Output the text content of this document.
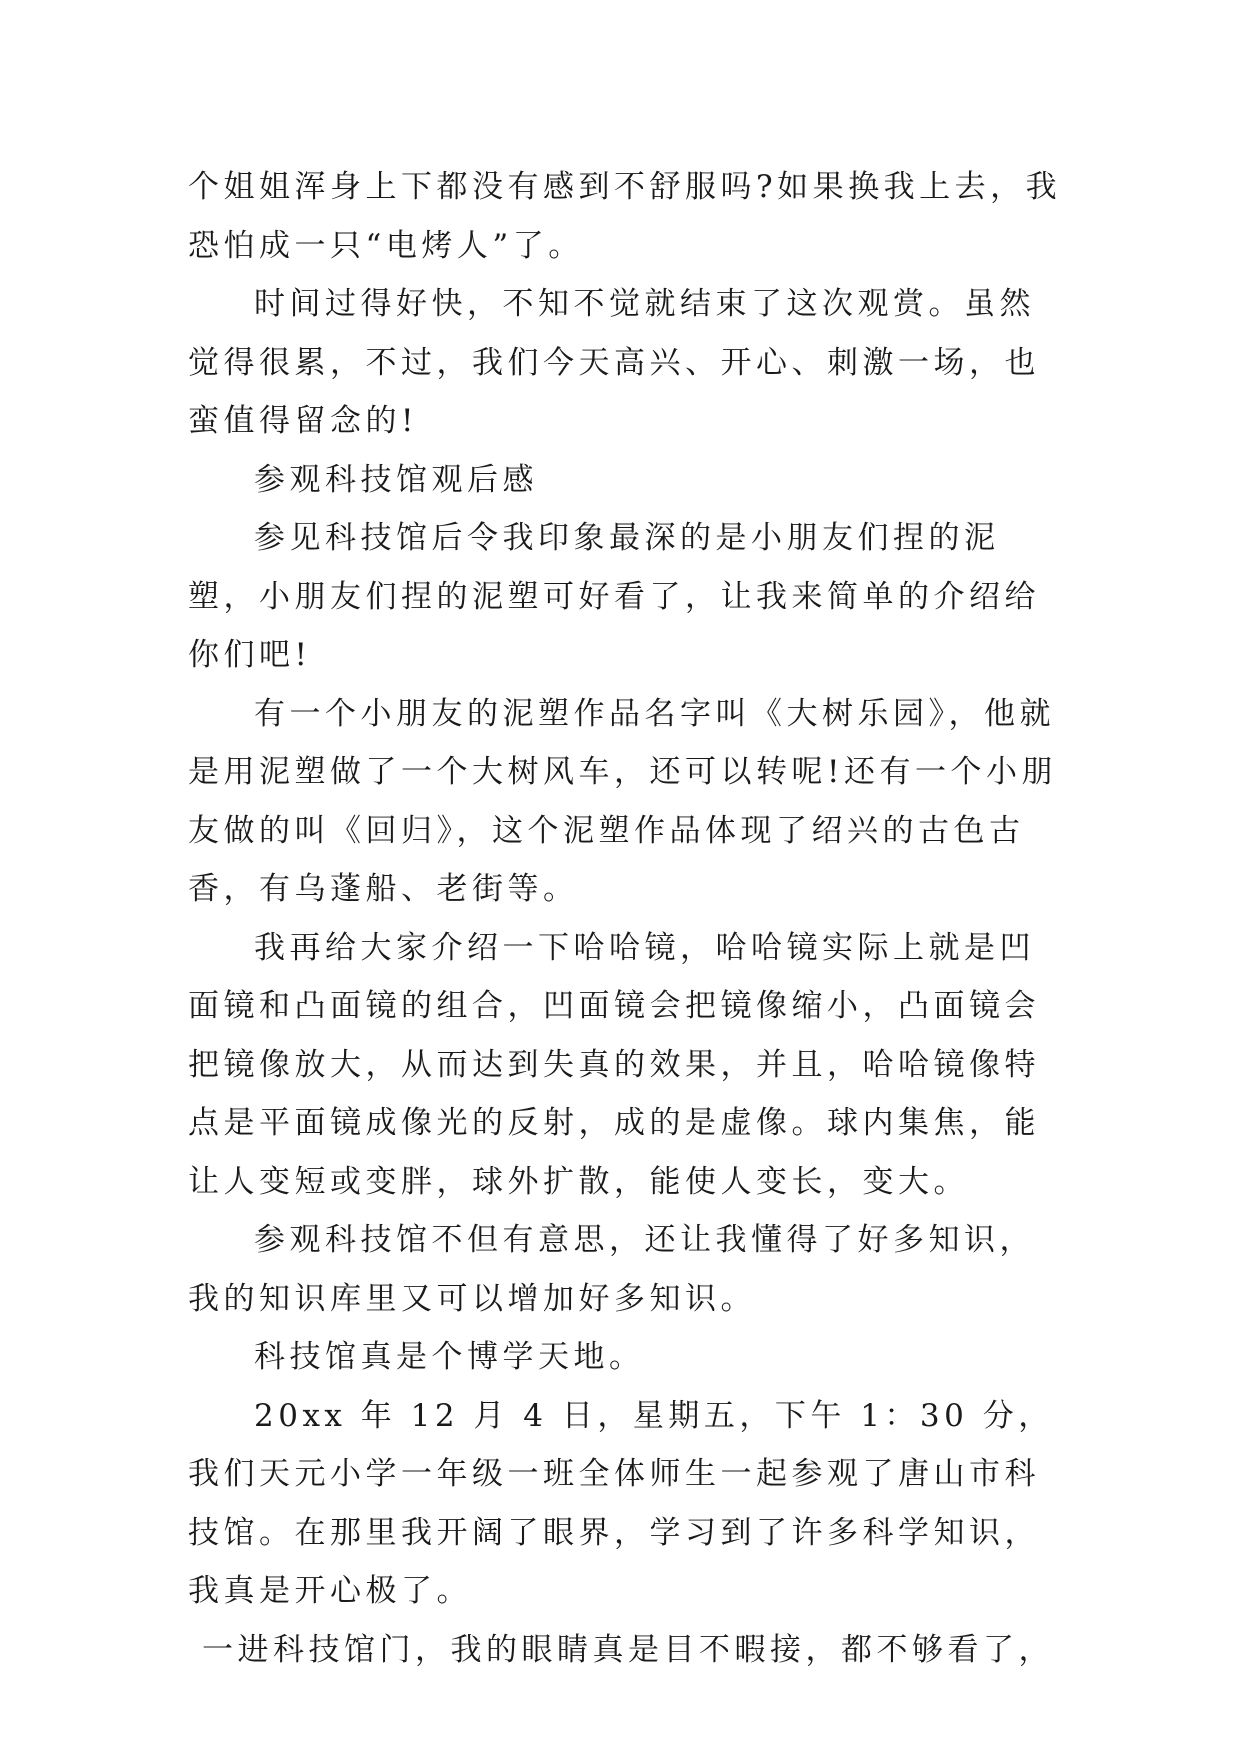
个姐姐浑身上下都没有感到不舒服吗?如果换我上去，我恐怕成一只“电烤人”了。

时间过得好快，不知不觉就结束了这次观赏。虽然觉得很累，不过，我们今天高兴、开心、刺激一场，也蛮值得留念的!

参观科技馆观后感

参见科技馆后令我印象最深的是小朋友们捏的泥塑，小朋友们捏的泥塑可好看了，让我来简单的介绍给你们吧!

有一个小朋友的泥塑作品名字叫《大树乐园》，他就是用泥塑做了一个大树风车，还可以转呢!还有一个小朋友做的叫《回归》，这个泥塑作品体现了绍兴的古色古香，有乌蓬船、老街等。

我再给大家介绍一下哈哈镜，哈哈镜实际上就是凹面镜和凸面镜的组合，凹面镜会把镜像缩小，凸面镜会把镜像放大，从而达到失真的效果，并且，哈哈镜像特点是平面镜成像光的反射，成的是虚像。球内集焦，能让人变短或变胖，球外扩散，能使人变长，变大。

参观科技馆不但有意思，还让我懂得了好多知识，我的知识库里又可以增加好多知识。

科技馆真是个博学天地。

20xx 年 12 月 4 日，星期五，下午 1：30 分，我们天元小学一年级一班全体师生一起参观了唐山市科技馆。在那里我开阔了眼界，学习到了许多科学知识，我真是开心极了。

一进科技馆门，我的眼睛真是目不暇接，都不够看了，
